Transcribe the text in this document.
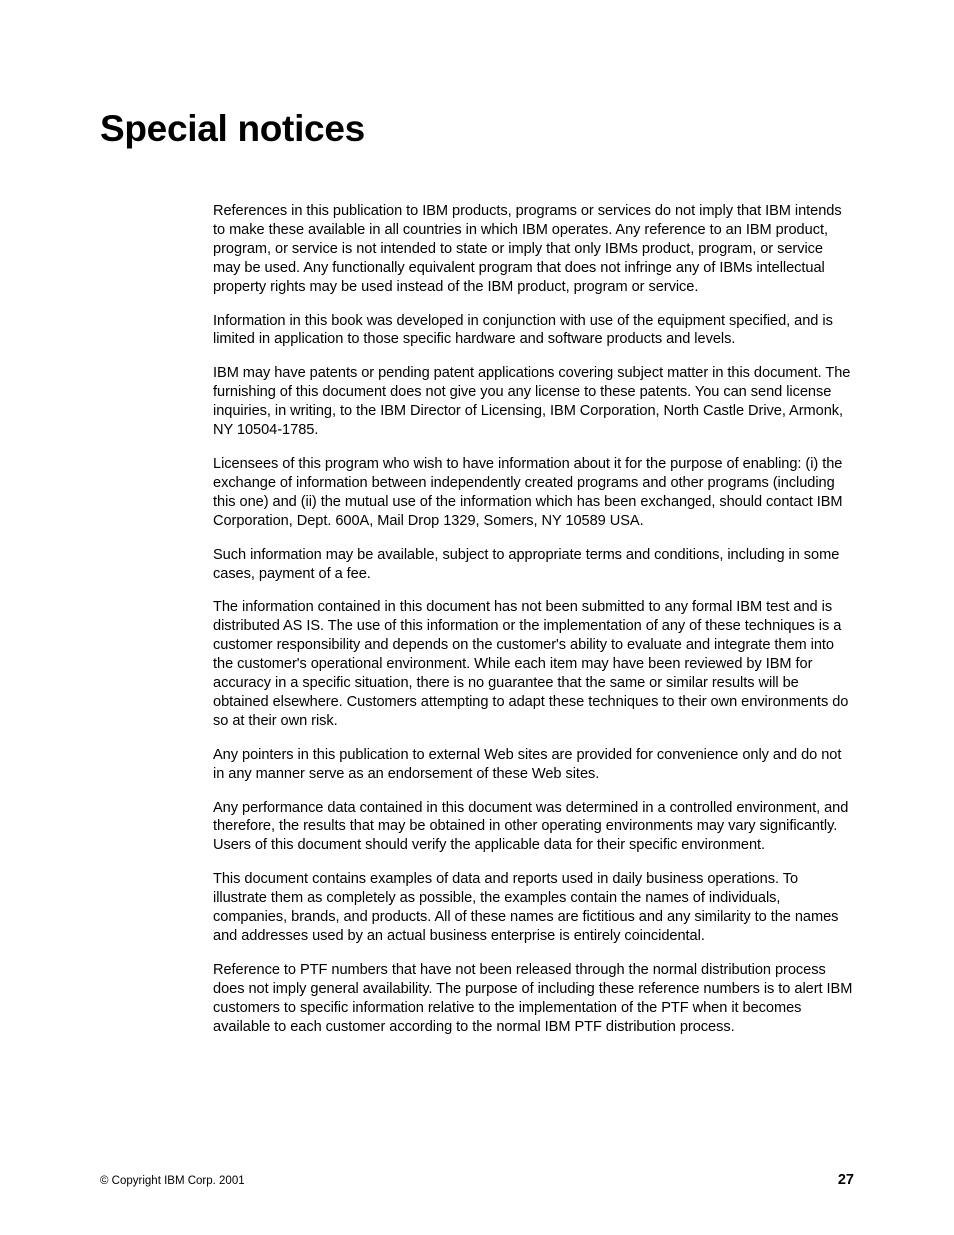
Special notices

References in this publication to IBM products, programs or services do not imply that IBM intends to make these available in all countries in which IBM operates. Any reference to an IBM product, program, or service is not intended to state or imply that only IBMs product, program, or service may be used. Any functionally equivalent program that does not infringe any of IBMs intellectual property rights may be used instead of the IBM product, program or service.

Information in this book was developed in conjunction with use of the equipment specified, and is limited in application to those specific hardware and software products and levels.

IBM may have patents or pending patent applications covering subject matter in this document. The furnishing of this document does not give you any license to these patents. You can send license inquiries, in writing, to the IBM Director of Licensing, IBM Corporation, North Castle Drive, Armonk, NY 10504-1785.

Licensees of this program who wish to have information about it for the purpose of enabling: (i) the exchange of information between independently created programs and other programs (including this one) and (ii) the mutual use of the information which has been exchanged, should contact IBM Corporation, Dept. 600A, Mail Drop 1329, Somers, NY 10589 USA.

Such information may be available, subject to appropriate terms and conditions, including in some cases, payment of a fee.

The information contained in this document has not been submitted to any formal IBM test and is distributed AS IS. The use of this information or the implementation of any of these techniques is a customer responsibility and depends on the customer's ability to evaluate and integrate them into the customer's operational environment. While each item may have been reviewed by IBM for accuracy in a specific situation, there is no guarantee that the same or similar results will be obtained elsewhere. Customers attempting to adapt these techniques to their own environments do so at their own risk.

Any pointers in this publication to external Web sites are provided for convenience only and do not in any manner serve as an endorsement of these Web sites.

Any performance data contained in this document was determined in a controlled environment, and therefore, the results that may be obtained in other operating environments may vary significantly. Users of this document should verify the applicable data for their specific environment.

This document contains examples of data and reports used in daily business operations. To illustrate them as completely as possible, the examples contain the names of individuals, companies, brands, and products. All of these names are fictitious and any similarity to the names and addresses used by an actual business enterprise is entirely coincidental.

Reference to PTF numbers that have not been released through the normal distribution process does not imply general availability. The purpose of including these reference numbers is to alert IBM customers to specific information relative to the implementation of the PTF when it becomes available to each customer according to the normal IBM PTF distribution process.

© Copyright IBM Corp. 2001	27
